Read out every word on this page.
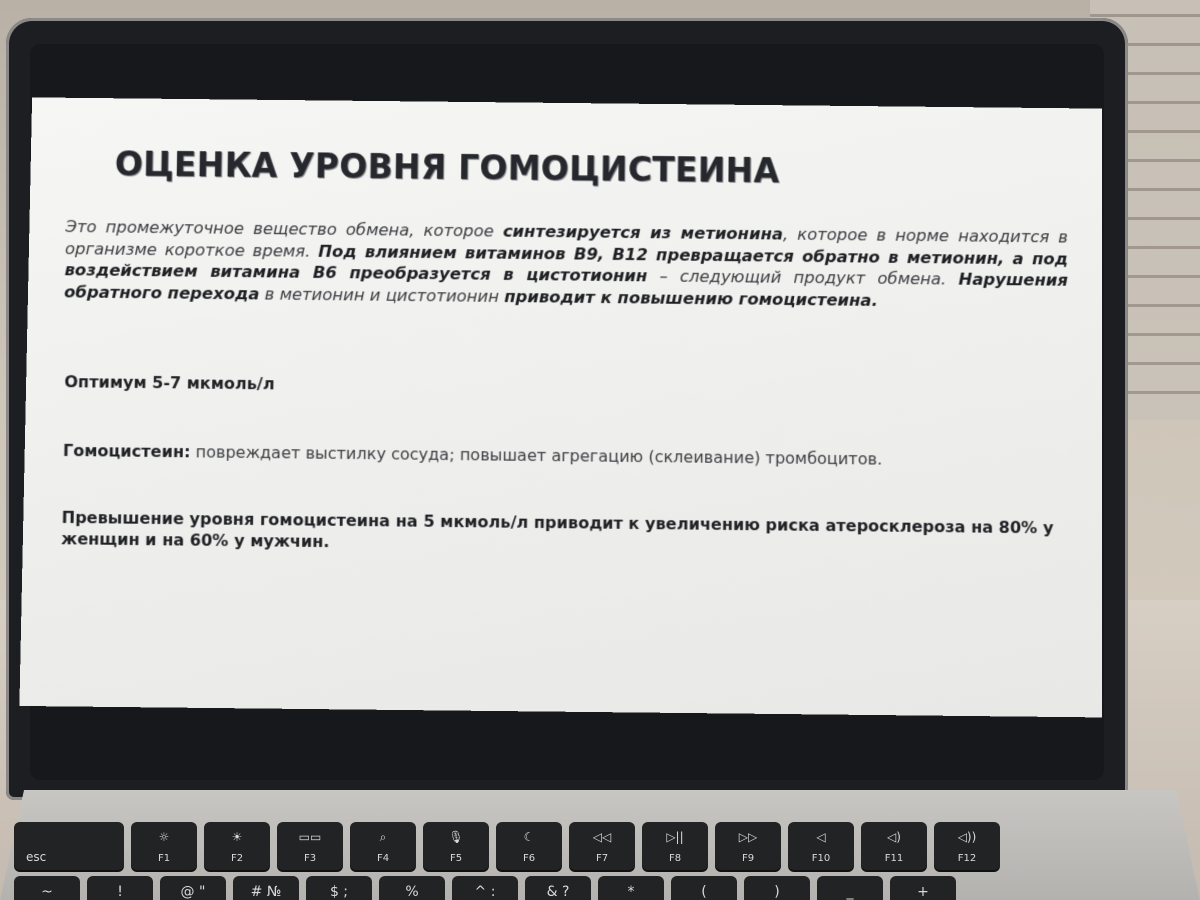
ОЦЕНКА УРОВНЯ ГОМОЦИСТЕИНА

Это промежуточное вещество обмена, которое синтезируется из метионина, которое в норме находится в организме короткое время. Под влиянием витаминов В9, В12 превращается обратно в метионин, а под воздействием витамина В6 преобразуется в цистотионин – следующий продукт обмена. Нарушения обратного перехода в метионин и цистотионин приводит к повышению гомоцистеина.

Оптимум 5-7 мкмоль/л

Гомоцистеин: повреждает выстилку сосуда; повышает агрегацию (склеивание) тромбоцитов.

Превышение уровня гомоцистеина на 5 мкмоль/л приводит к увеличению риска атеросклероза на 80% у женщин и на 60% у мужчин.

esc
☼
F1
☀
F2
▭▭
F3
⌕
F4
🎙
F5
☾
F6
◁◁
F7
▷||
F8
▷▷
F9
◁
F10
◁)
F11
◁))
F12
~	!	@ "	# №	$ ;	%	^ :	& ?	*	(	)	_	+
